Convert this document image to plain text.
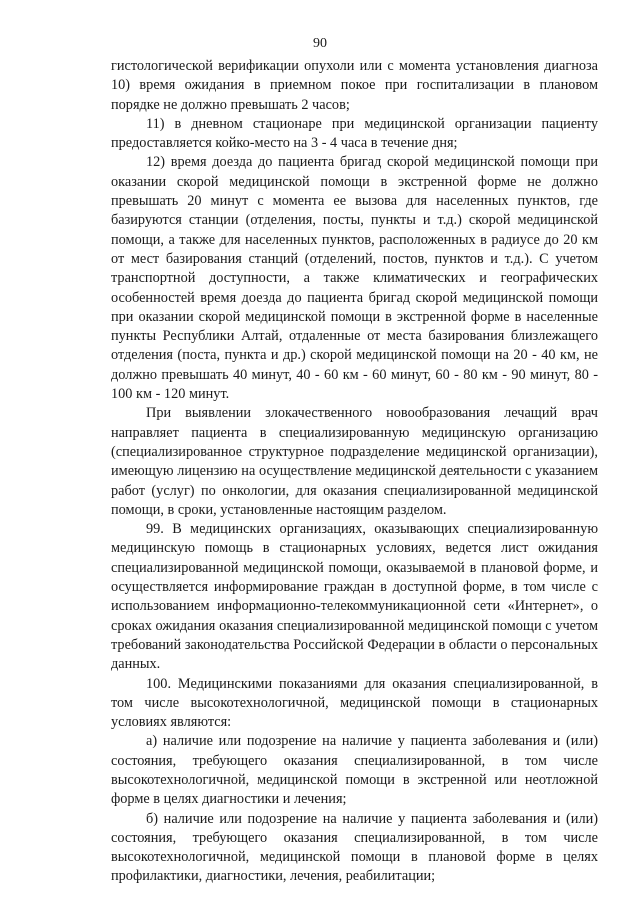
90

гистологической верификации опухоли или с момента установления диагноза 10) время ожидания в приемном покое при госпитализации в плановом порядке не должно превышать 2 часов;

11) в дневном стационаре при медицинской организации пациенту предоставляется койко-место на 3 - 4 часа в течение дня;

12) время доезда до пациента бригад скорой медицинской помощи при оказании скорой медицинской помощи в экстренной форме не должно превышать 20 минут с момента ее вызова для населенных пунктов, где базируются станции (отделения, посты, пункты и т.д.) скорой медицинской помощи, а также для населенных пунктов, расположенных в радиусе до 20 км от мест базирования станций (отделений, постов, пунктов и т.д.). С учетом транспортной доступности, а также климатических и географических особенностей время доезда до пациента бригад скорой медицинской помощи при оказании скорой медицинской помощи в экстренной форме в населенные пункты Республики Алтай, отдаленные от места базирования близлежащего отделения (поста, пункта и др.) скорой медицинской помощи на 20 - 40 км, не должно превышать 40 минут, 40 - 60 км - 60 минут, 60 - 80 км - 90 минут, 80 - 100 км - 120 минут.

При выявлении злокачественного новообразования лечащий врач направляет пациента в специализированную медицинскую организацию (специализированное структурное подразделение медицинской организации), имеющую лицензию на осуществление медицинской деятельности с указанием работ (услуг) по онкологии, для оказания специализированной медицинской помощи, в сроки, установленные настоящим разделом.

99. В медицинских организациях, оказывающих специализированную медицинскую помощь в стационарных условиях, ведется лист ожидания специализированной медицинской помощи, оказываемой в плановой форме, и осуществляется информирование граждан в доступной форме, в том числе с использованием информационно-телекоммуникационной сети «Интернет», о сроках ожидания оказания специализированной медицинской помощи с учетом требований законодательства Российской Федерации в области о персональных данных.

100. Медицинскими показаниями для оказания специализированной, в том числе высокотехнологичной, медицинской помощи в стационарных условиях являются:

а) наличие или подозрение на наличие у пациента заболевания и (или) состояния, требующего оказания специализированной, в том числе высокотехнологичной, медицинской помощи в экстренной или неотложной форме в целях диагностики и лечения;

б) наличие или подозрение на наличие у пациента заболевания и (или) состояния, требующего оказания специализированной, в том числе высокотехнологичной, медицинской помощи в плановой форме в целях профилактики, диагностики, лечения, реабилитации;
